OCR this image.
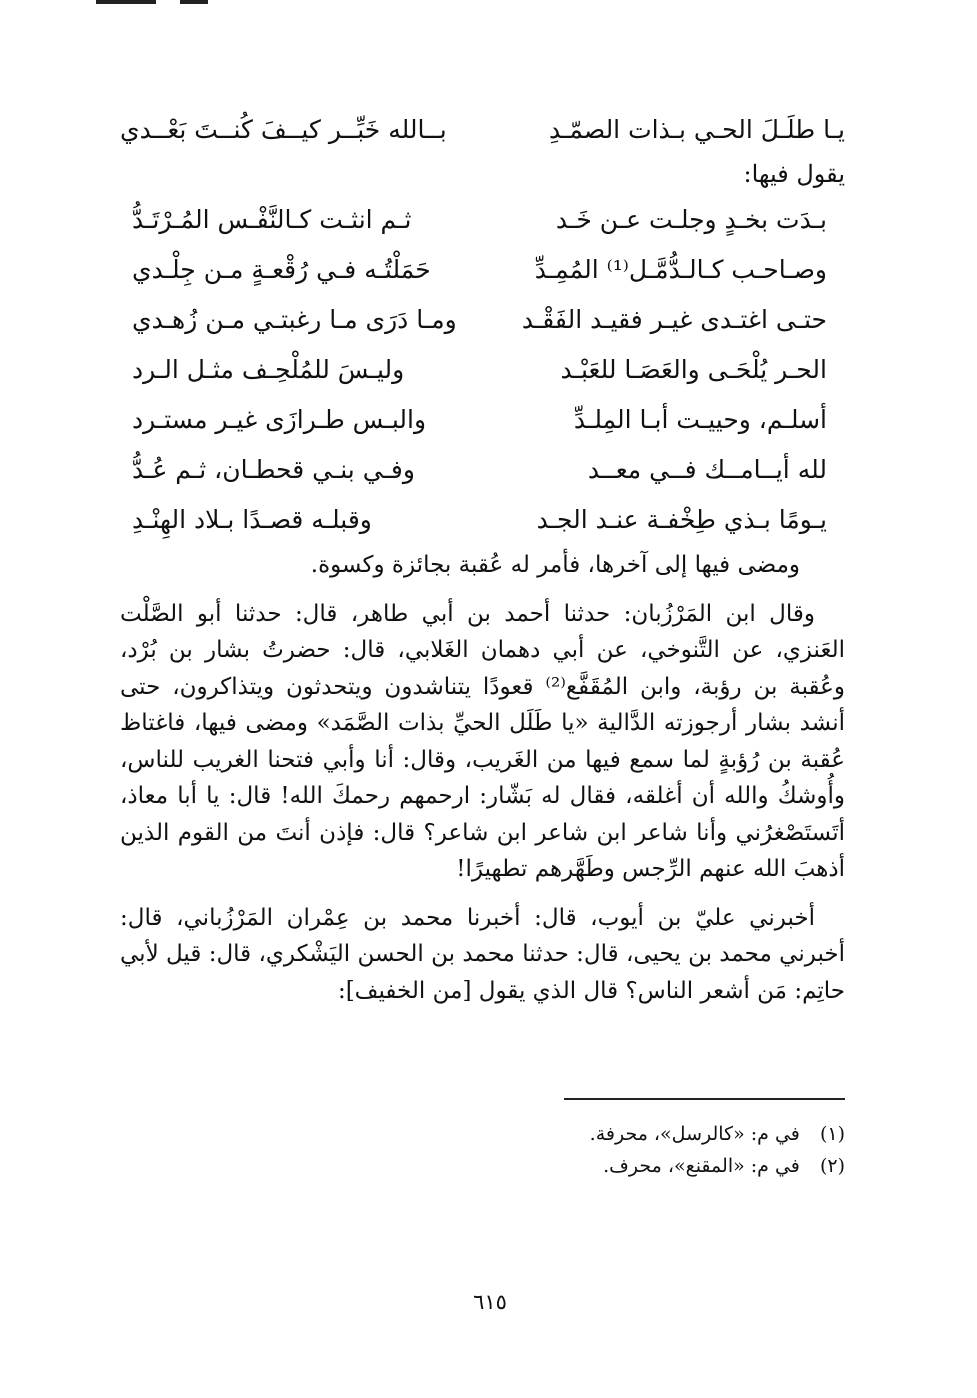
يـا طلَـلَ الحـي بـذات الصمّـدِ
بــالله خَبِّــر كيــفَ كُنــتَ بَعْــدي
يقول فيها:
بـدَت بخـدٍ وجلـت عـن خَـد
ثـم انثـت كـالنَّفْـس المُـرْتَـدُّ
وصـاحـب كـالـدُّمَّـل⁽¹⁾ المُمِـدِّ
حَمَلْتُـه فـي رُقْعـةٍ مـن جِلْـدي
حتـى اغتـدى غيـر فقيـد الفَقْـد
ومـا دَرَى مـا رغبتـي مـن زُهـدي
الحـر يُلْحَـى والعَصَـا للعَبْـد
وليـسَ للمُلْحِـف مثـل الـرد
أسلـم، وحييـت أبـا المِلـدِّ
والبـس طـرازَى غيـر مستـرد
لله أيــامــك فــي معــد
وفـي بنـي قحطـان، ثـم عُـدُّ
يـومًا بـذي طِخْفـة عنـد الجـد
وقبلـه قصـدًا بـلاد الهِنْـدِ

ومضى فيها إلى آخرها، فأمر له عُقبة بجائزة وكسوة.

وقال ابن المَرْزُبان: حدثنا أحمد بن أبي طاهر، قال: حدثنا أبو الصَّلْت العَنزي، عن التَّنوخي، عن أبي دهمان الغَلابي، قال: حضرتُ بشار بن بُرْد، وعُقبة بن رؤبة، وابن المُقَفَّع⁽²⁾ قعودًا يتناشدون ويتحدثون ويتذاكرون، حتى أنشد بشار أرجوزته الدَّالية «يا طَلَل الحيِّ بذات الصَّمَد» ومضى فيها، فاغتاظ عُقبة بن رُؤبةٍ لما سمع فيها من الغَريب، وقال: أنا وأبي فتحنا الغريب للناس، وأُوشكُ والله أن أغلقه، فقال له بَشّار: ارحمهم رحمكَ الله! قال: يا أبا معاذ، أتَستَصْغرُني وأنا شاعر ابن شاعر ابن شاعر؟ قال: فإذن أنتَ من القوم الذين أذهبَ الله عنهم الرِّجس وطَهَّرهم تطهيرًا!

أخبرني عليّ بن أيوب، قال: أخبرنا محمد بن عِمْران المَرْزُباني، قال: أخبرني محمد بن يحيى، قال: حدثنا محمد بن الحسن اليَشْكري، قال: قيل لأبي حاتِم: مَن أشعر الناس؟ قال الذي يقول [من الخفيف]:

(١) في م: «كالرسل»، محرفة.
(٢) في م: «المقنع»، محرف.
٦١٥
